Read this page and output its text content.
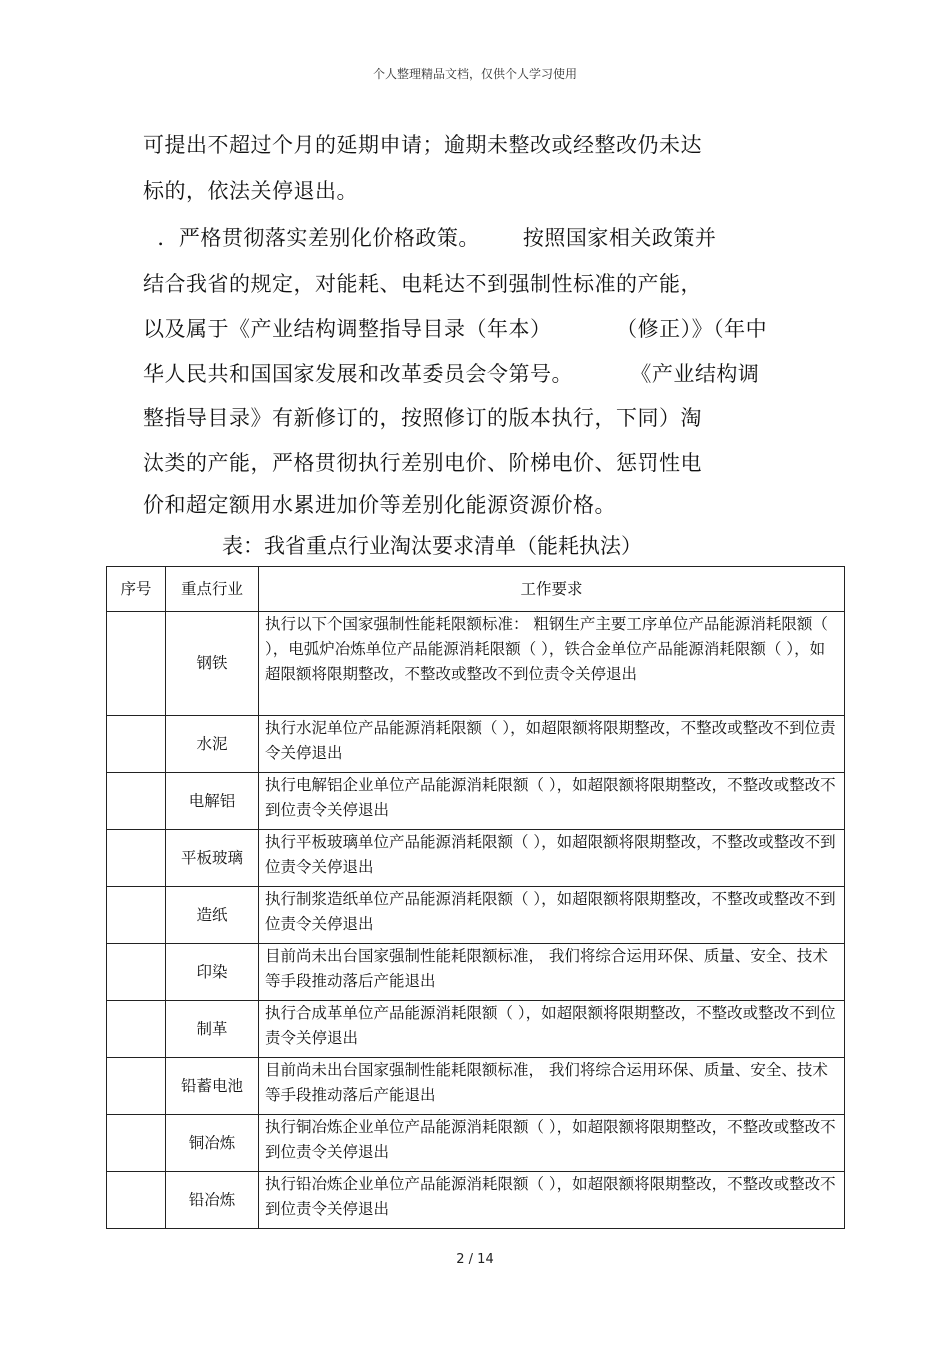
个人整理精品文档，仅供个人学习使用
可提出不超过个月的延期申请；逾期未整改或经整改仍未达
标的，依法关停退出。
．严格贯彻落实差别化价格政策。      按照国家相关政策并
结合我省的规定，对能耗、电耗达不到强制性标准的产能，
以及属于《产业结构调整指导目录（年本）         （修正）》（年中
华人民共和国国家发展和改革委员会令第号。        《产业结构调
整指导目录》有新修订的，按照修订的版本执行，下同）淘
汰类的产能，严格贯彻执行差别电价、阶梯电价、惩罚性电
价和超定额用水累进加价等差别化能源资源价格。
表：我省重点行业淘汰要求清单（能耗执法）
序号	重点行业	工作要求
	钢铁	执行以下个国家强制性能耗限额标准： 粗钢生产主要工序单位产品能源消耗限额（ ），电弧炉冶炼单位产品能源消耗限额（ ），铁合金单位产品能源消耗限额（ ），如超限额将限期整改，不整改或整改不到位责令关停退出
	水泥	执行水泥单位产品能源消耗限额（ ），如超限额将限期整改，不整改或整改不到位责令关停退出
	电解铝	执行电解铝企业单位产品能源消耗限额（ ），如超限额将限期整改，不整改或整改不到位责令关停退出
	平板玻璃	执行平板玻璃单位产品能源消耗限额（ ），如超限额将限期整改，不整改或整改不到位责令关停退出
	造纸	执行制浆造纸单位产品能源消耗限额（ ），如超限额将限期整改，不整改或整改不到位责令关停退出
	印染	目前尚未出台国家强制性能耗限额标准， 我们将综合运用环保、质量、安全、技术等手段推动落后产能退出
	制革	执行合成革单位产品能源消耗限额（ ），如超限额将限期整改，不整改或整改不到位责令关停退出
	铅蓄电池	目前尚未出台国家强制性能耗限额标准， 我们将综合运用环保、质量、安全、技术等手段推动落后产能退出
	铜冶炼	执行铜冶炼企业单位产品能源消耗限额（ ），如超限额将限期整改，不整改或整改不到位责令关停退出
	铅冶炼	执行铅冶炼企业单位产品能源消耗限额（ ），如超限额将限期整改，不整改或整改不到位责令关停退出
2 / 14
